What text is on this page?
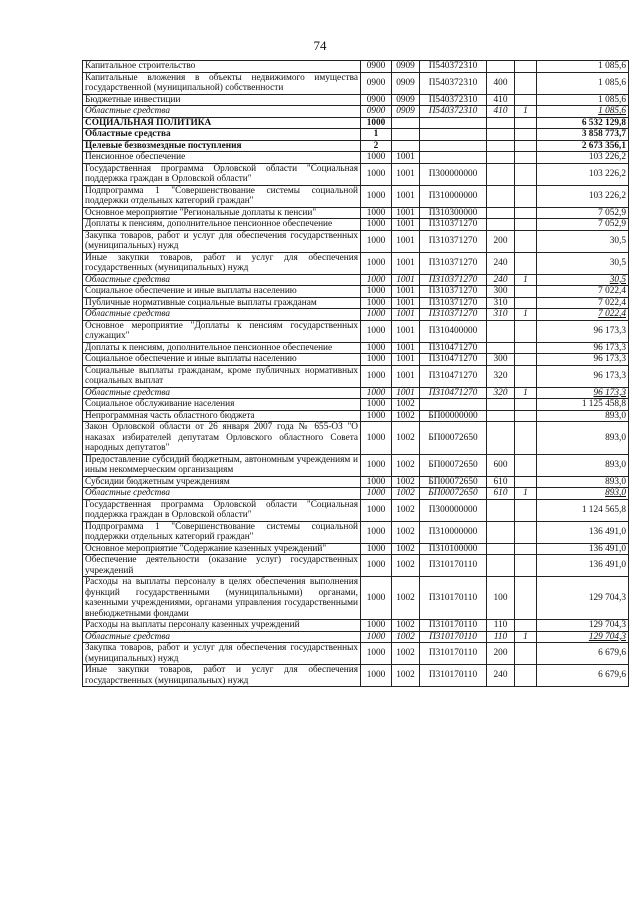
74
Капитальное строительство	0900	0909	П540372310			1 085,6
Капитальные вложения в объекты недвижимого имущества государственной (муниципальной) собственности	0900	0909	П540372310	400		1 085,6
Бюджетные инвестиции	0900	0909	П540372310	410		1 085,6
Областные средства	0900	0909	П540372310	410	1	1 085,6
СОЦИАЛЬНАЯ ПОЛИТИКА	1000					6 532 129,8
Областные средства	1					3 858 773,7
Целевые безвозмездные поступления	2					2 673 356,1
Пенсионное обеспечение	1000	1001				103 226,2
Государственная программа Орловской области "Социальная поддержка граждан в Орловской области"	1000	1001	П300000000			103 226,2
Подпрограмма 1 "Совершенствование системы социальной поддержки отдельных категорий граждан"	1000	1001	П310000000			103 226,2
Основное мероприятие "Региональные доплаты к пенсии"	1000	1001	П310300000			7 052,9
Доплаты к пенсиям, дополнительное пенсионное обеспечение	1000	1001	П310371270			7 052,9
Закупка товаров, работ и услуг для обеспечения государственных (муниципальных) нужд	1000	1001	П310371270	200		30,5
Иные закупки товаров, работ и услуг для обеспечения государственных (муниципальных) нужд	1000	1001	П310371270	240		30,5
Областные средства	1000	1001	П310371270	240	1	30,5
Социальное обеспечение и иные выплаты населению	1000	1001	П310371270	300		7 022,4
Публичные нормативные социальные выплаты гражданам	1000	1001	П310371270	310		7 022,4
Областные средства	1000	1001	П310371270	310	1	7 022,4
Основное мероприятие "Доплаты к пенсиям государственных служащих"	1000	1001	П310400000			96 173,3
Доплаты к пенсиям, дополнительное пенсионное обеспечение	1000	1001	П310471270			96 173,3
Социальное обеспечение и иные выплаты населению	1000	1001	П310471270	300		96 173,3
Социальные выплаты гражданам, кроме публичных нормативных социальных выплат	1000	1001	П310471270	320		96 173,3
Областные средства	1000	1001	П310471270	320	1	96 173,3
Социальное обслуживание населения	1000	1002				1 125 458,8
Непрограммная часть областного бюджета	1000	1002	БП00000000			893,0
Закон Орловской области от 26 января 2007 года № 655-ОЗ "О наказах избирателей депутатам Орловского областного Совета народных депутатов"	1000	1002	БП00072650			893,0
Предоставление субсидий бюджетным, автономным учреждениям и иным некоммерческим организациям	1000	1002	БП00072650	600		893,0
Субсидии бюджетным учреждениям	1000	1002	БП00072650	610		893,0
Областные средства	1000	1002	БП00072650	610	1	893,0
Государственная программа Орловской области "Социальная поддержка граждан в Орловской области"	1000	1002	П300000000			1 124 565,8
Подпрограмма 1 "Совершенствование системы социальной поддержки отдельных категорий граждан"	1000	1002	П310000000			136 491,0
Основное мероприятие "Содержание казенных учреждений"	1000	1002	П310100000			136 491,0
Обеспечение деятельности (оказание услуг) государственных учреждений	1000	1002	П310170110			136 491,0
Расходы на выплаты персоналу в целях обеспечения выполнения функций государственными (муниципальными) органами, казенными учреждениями, органами управления государственными внебюджетными фондами	1000	1002	П310170110	100		129 704,3
Расходы на выплаты персоналу казенных учреждений	1000	1002	П310170110	110		129 704,3
Областные средства	1000	1002	П310170110	110	1	129 704,3
Закупка товаров, работ и услуг для обеспечения государственных (муниципальных) нужд	1000	1002	П310170110	200		6 679,6
Иные закупки товаров, работ и услуг для обеспечения государственных (муниципальных) нужд	1000	1002	П310170110	240		6 679,6
